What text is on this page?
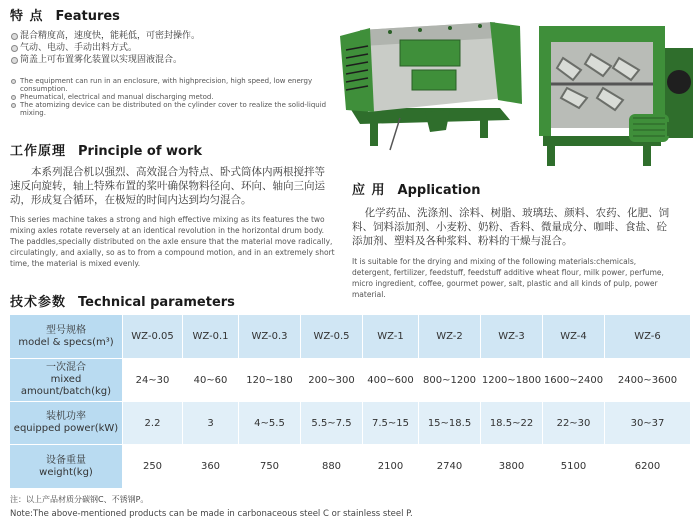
特 点 Features
混合精度高，速度快，能耗低，可密封操作。
气动、电动、手动出料方式。
筒盖上可布置雾化装置以实现固液混合。
The equipment can run in an enclosure, with highprecision, high speed, low energy consumption.
Pheumatical, electrical and manual discharging metod.
The atomizing device can be distributed on the cylinder cover to realize the solid-liquid mixing.
工作原理 Principle of work
本系列混合机以强烈、高效混合为特点、卧式筒体内两根搅拌等速反向旋转，轴上特殊布置的桨叶确保物料径向、环向、轴向三向运动，形成复合循环，在极短的时间内达到均匀混合。
This series machine takes a strong and high effective mixing as its features the two mixing axles rotate reversely at an identical revolution in the horizontal drum body. The paddles,specially distributed on the axle ensure that the material move radically, circulatingly, and axially, so as to from a compound motion, and in an extremely short time, the material is mixed evenly.
应 用 Application
化学药品、洗涤剂、涂料、树脂、玻璃珐、颜料、农药、化肥、饲料、饲料添加剂、小麦粉、奶粉、香料、微量成分、咖啡、食盐、砼添加剂、塑料及各种浆料、粉料的干燥与混合。
It is suitable for the drying and mixing of the following materials:chemicals, detergent, fertilizer, feedstuff, feedstuff additive wheat flour, milk power, perfume, micro ingredient, coffee, gourmet power, salt, plastic and all kinds of pulp, power material.
技术参数 Technical parameters
型号规格
model & specs(m³)	WZ-0.05	WZ-0.1	WZ-0.3	WZ-0.5	WZ-1	WZ-2	WZ-3	WZ-4	WZ-6

一次混合
mixed amount/batch(kg)	24~30	40~60	120~180	200~300	400~600	800~1200	1200~1800	1600~2400	2400~3600

装机功率
equipped power(kW)	2.2	3	4~5.5	5.5~7.5	7.5~15	15~18.5	18.5~22	22~30	30~37

设备重量
weight(kg)	250	360	750	880	2100	2740	3800	5100	6200
注：以上产品材质分碳钢C、不锈钢P。
Note:The above-mentioned products can be made in carbonaceous steel C or stainless steel P.
